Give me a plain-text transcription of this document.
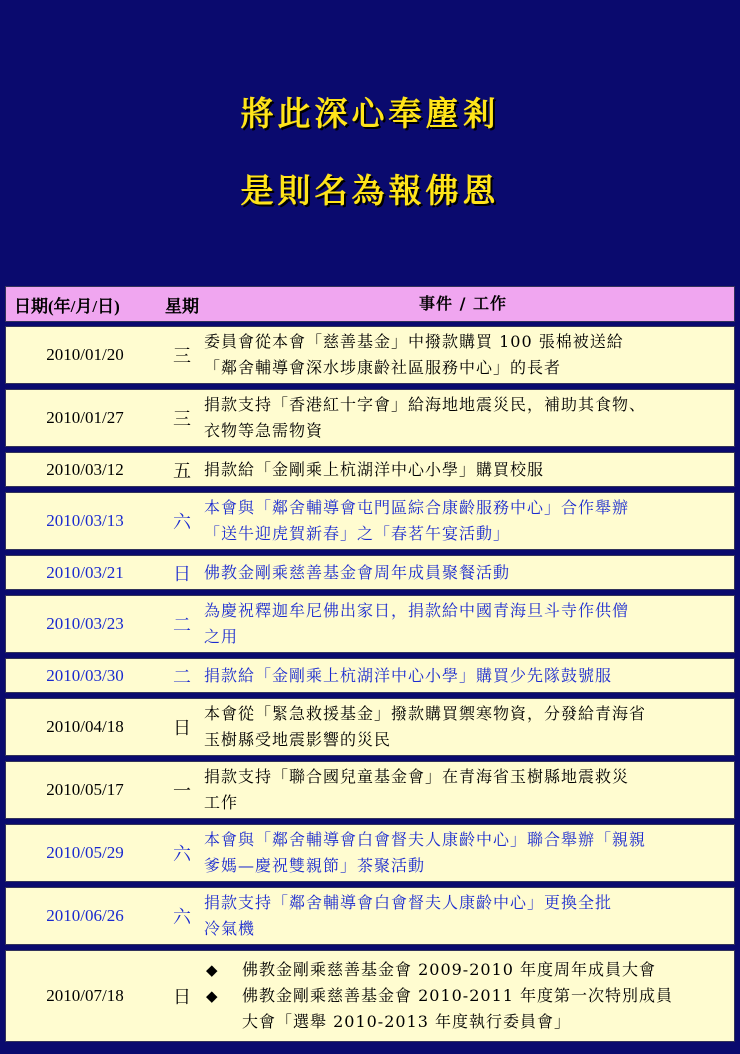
將此深心奉塵剎
是則名為報佛恩
日期(年/月/日)	星期	事件 / 工作
2010/01/20	三
委員會從本會「慈善基金」中撥款購買 100 張棉被送給
「鄰舍輔導會深水埗康齡社區服務中心」的長者
2010/01/27	三
捐款支持「香港紅十字會」給海地地震災民，補助其食物、
衣物等急需物資
2010/03/12	五 捐款給「金剛乘上杭湖洋中心小學」購買校服
2010/03/13	六
本會與「鄰舍輔導會屯門區綜合康齡服務中心」合作舉辦
「送牛迎虎賀新春」之「春茗午宴活動」
2010/03/21	日 佛教金剛乘慈善基金會周年成員聚餐活動
2010/03/23	二
為慶祝釋迦牟尼佛出家日，捐款給中國青海旦斗寺作供僧
之用
2010/03/30	二 捐款給「金剛乘上杭湖洋中心小學」購買少先隊鼓號服
2010/04/18	日
本會從「緊急救援基金」撥款購買禦寒物資，分發給青海省
玉樹縣受地震影響的災民
2010/05/17	一
捐款支持「聯合國兒童基金會」在青海省玉樹縣地震救災
工作
2010/05/29	六
本會與「鄰舍輔導會白會督夫人康齡中心」聯合舉辦「親親
爹媽—慶祝雙親節」茶聚活動
2010/06/26	六
捐款支持「鄰舍輔導會白會督夫人康齡中心」更換全批
冷氣機
2010/07/18	日
◆ 佛教金剛乘慈善基金會 2009-2010 年度周年成員大會
◆ 佛教金剛乘慈善基金會 2010-2011 年度第一次特別成員
大會「選舉 2010-2013 年度執行委員會」
